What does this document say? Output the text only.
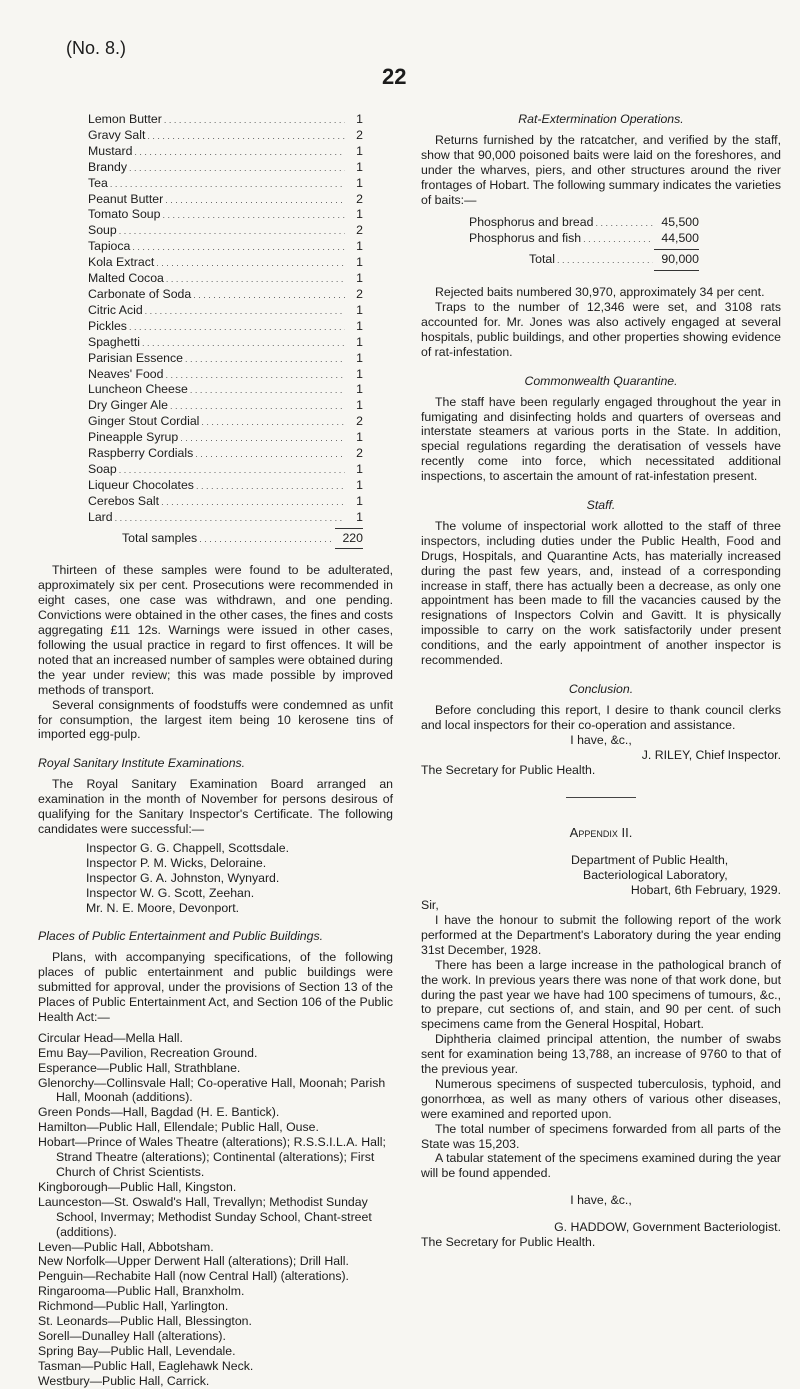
(No. 8.)
22
Lemon Butter . . .	1
Gravy Salt . . .	2
Mustard . . .	1
Brandy . . .	1
Tea . . .	1
Peanut Butter . . .	2
Tomato Soup . . .	1
Soup . . .	2
Tapioca . . .	1
Kola Extract . . .	1
Malted Cocoa . . .	1
Carbonate of Soda . . .	2
Citric Acid . . .	1
Pickles . . .	1
Spaghetti . . .	1
Parisian Essence . . .	1
Neaves' Food . . .	1
Luncheon Cheese . . .	1
Dry Ginger Ale . . .	1
Ginger Stout Cordial . . .	2
Pineapple Syrup . . .	1
Raspberry Cordials . . .	2
Soap . . .	1
Liqueur Chocolates . . .	1
Cerebos Salt . . .	1
Lard . . .	1
Total samples . . .	220

Thirteen of these samples were found to be adulterated, approximately six per cent. Prosecutions were recommended in eight cases, one case was withdrawn, and one pending. Convictions were obtained in the other cases, the fines and costs aggregating £11 12s. Warnings were issued in other cases, following the usual practice in regard to first offences. It will be noted that an increased number of samples were obtained during the year under review; this was made possible by improved methods of transport.

Several consignments of foodstuffs were condemned as unfit for consumption, the largest item being 10 kerosene tins of imported egg-pulp.

Royal Sanitary Institute Examinations.

The Royal Sanitary Examination Board arranged an examination in the month of November for persons desirous of qualifying for the Sanitary Inspector's Certificate. The following candidates were successful:—

Inspector G. G. Chappell, Scottsdale.
Inspector P. M. Wicks, Deloraine.
Inspector G. A. Johnston, Wynyard.
Inspector W. G. Scott, Zeehan.
Mr. N. E. Moore, Devonport.
Places of Public Entertainment and Public Buildings.

Plans, with accompanying specifications, of the following places of public entertainment and public buildings were submitted for approval, under the provisions of Section 13 of the Places of Public Entertainment Act, and Section 106 of the Public Health Act:—

Circular Head—Mella Hall.
Emu Bay—Pavilion, Recreation Ground.
Esperance—Public Hall, Strathblane.
Glenorchy—Collinsvale Hall; Co-operative Hall, Moonah; Parish Hall, Moonah (additions).
Green Ponds—Hall, Bagdad (H. E. Bantick).
Hamilton—Public Hall, Ellendale; Public Hall, Ouse.
Hobart—Prince of Wales Theatre (alterations); R.S.S.I.L.A. Hall; Strand Theatre (alterations); Continental (alterations); First Church of Christ Scientists.
Kingborough—Public Hall, Kingston.
Launceston—St. Oswald's Hall, Trevallyn; Methodist Sunday School, Invermay; Methodist Sunday School, Chant-street (additions).
Leven—Public Hall, Abbotsham.
New Norfolk—Upper Derwent Hall (alterations); Drill Hall.
Penguin—Rechabite Hall (now Central Hall) (alterations).
Ringarooma—Public Hall, Branxholm.
Richmond—Public Hall, Yarlington.
St. Leonards—Public Hall, Blessington.
Sorell—Dunalley Hall (alterations).
Spring Bay—Public Hall, Levendale.
Tasman—Public Hall, Eaglehawk Neck.
Westbury—Public Hall, Carrick.
Rat-Extermination Operations.

Returns furnished by the ratcatcher, and verified by the staff, show that 90,000 poisoned baits were laid on the foreshores, and under the wharves, piers, and other structures around the river frontages of Hobart. The following summary indicates the varieties of baits:—

Phosphorus and bread . . .	45,500
Phosphorus and fish . . .	44,500
Total . . .	90,000

Rejected baits numbered 30,970, approximately 34 per cent.

Traps to the number of 12,346 were set, and 3108 rats accounted for. Mr. Jones was also actively engaged at several hospitals, public buildings, and other properties showing evidence of rat-infestation.

Commonwealth Quarantine.

The staff have been regularly engaged throughout the year in fumigating and disinfecting holds and quarters of overseas and interstate steamers at various ports in the State. In addition, special regulations regarding the deratisation of vessels have recently come into force, which necessitated additional inspections, to ascertain the amount of rat-infestation present.

Staff.

The volume of inspectorial work allotted to the staff of three inspectors, including duties under the Public Health, Food and Drugs, Hospitals, and Quarantine Acts, has materially increased during the past few years, and, instead of a corresponding increase in staff, there has actually been a decrease, as only one appointment has been made to fill the vacancies caused by the resignations of Inspectors Colvin and Gavitt. It is physically impossible to carry on the work satisfactorily under present conditions, and the early appointment of another inspector is recommended.

Conclusion.

Before concluding this report, I desire to thank council clerks and local inspectors for their co-operation and assistance.

I have, &c.,
J. RILEY, Chief Inspector.
The Secretary for Public Health.
Appendix II.
Department of Public Health,
Bacteriological Laboratory,
Hobart, 6th February, 1929.
Sir,

I have the honour to submit the following report of the work performed at the Department's Laboratory during the year ending 31st December, 1928.

There has been a large increase in the pathological branch of the work. In previous years there was none of that work done, but during the past year we have had 100 specimens of tumours, &c., to prepare, cut sections of, and stain, and 90 per cent. of such specimens came from the General Hospital, Hobart.

Diphtheria claimed principal attention, the number of swabs sent for examination being 13,788, an increase of 9760 to that of the previous year.

Numerous specimens of suspected tuberculosis, typhoid, and gonorrhœa, as well as many others of various other diseases, were examined and reported upon.

The total number of specimens forwarded from all parts of the State was 15,203.

A tabular statement of the specimens examined during the year will be found appended.

I have, &c.,
G. HADDOW, Government Bacteriologist.
The Secretary for Public Health.
